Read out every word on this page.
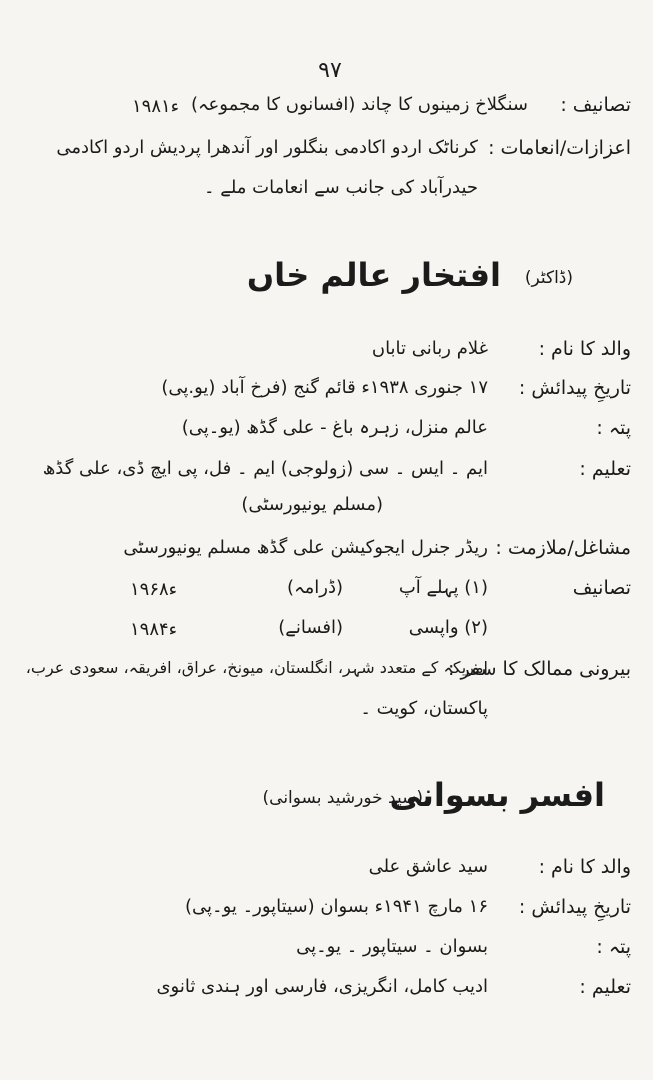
۹۷
تصانیف :
سنگلاخ زمینوں کا چاند (افسانوں کا مجموعہ)
۱۹۸۱ء
اعزازات/انعامات :
کرناٹک اردو اکادمی بنگلور اور آندھرا پردیش اردو اکادمی
حیدرآباد کی جانب سے انعامات ملے ۔
افتخار عالم خاں (ڈاکٹر)
والد کا نام :
غلام ربانی تاباں
تاریخِ پیدائش :
۱۷ جنوری ۱۹۳۸ء قائم گنج (فرخ آباد (یو.پی)
پتہ :
عالم منزل، زہرہ باغ - علی گڈھ (یو۔پی)
تعلیم :
ایم ۔ ایس ۔ سی (زولوجی) ایم ۔ فل، پی ایچ ڈی، علی گڈھ
(مسلم یونیورسٹی)
مشاغل/ملازمت :
ریڈر جنرل ایجوکیشن علی گڈھ مسلم یونیورسٹی
تصانیف
(۱) پہلے آپ
(ڈرامہ)
۱۹۶۸ء
(۲) واپسی
(افسانے)
۱۹۸۴ء
بیرونی ممالک کا سفر :
امریکہ کے متعدد شہر، انگلستان، میونخ، عراق، افریقہ، سعودی عرب،
پاکستان، کویت ۔
افسر بسوانی
(سید خورشید بسوانی)
والد کا نام :
سید عاشق علی
تاریخِ پیدائش :
۱۶ مارچ ۱۹۴۱ء بسوان (سیتاپور۔ یو۔پی)
پتہ :
بسوان ۔ سیتاپور ۔ یو۔پی
تعلیم :
ادیب کامل، انگریزی، فارسی اور ہندی ثانوی
